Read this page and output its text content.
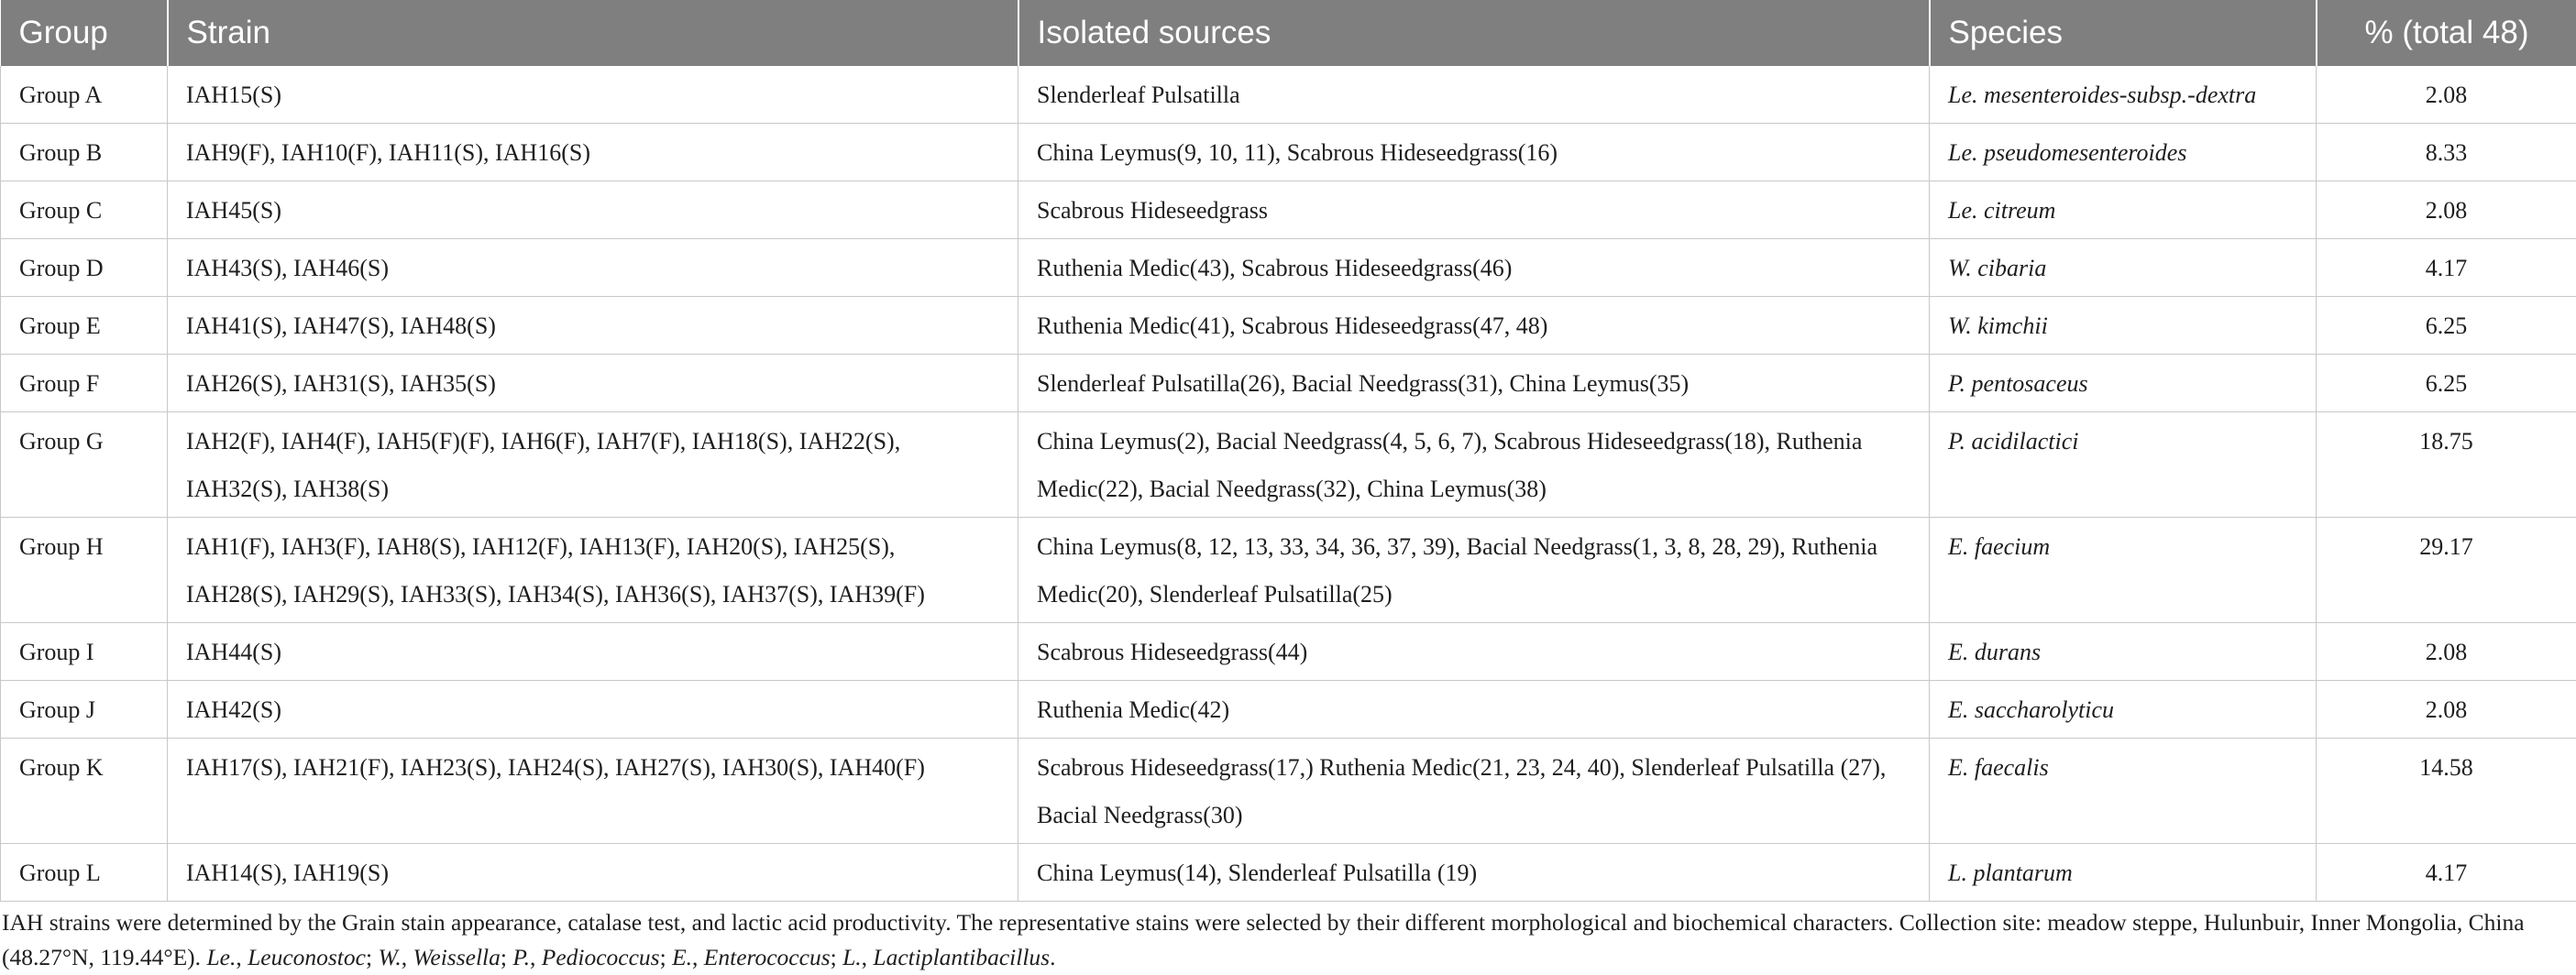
Group	Strain	Isolated sources	Species	% (total 48)
Group A	IAH15(S)	Slenderleaf Pulsatilla	Le. mesenteroides-subsp.-dextra	2.08
Group B	IAH9(F), IAH10(F), IAH11(S), IAH16(S)	China Leymus(9, 10, 11), Scabrous Hideseedgrass(16)	Le. pseudomesenteroides	8.33
Group C	IAH45(S)	Scabrous Hideseedgrass	Le. citreum	2.08
Group D	IAH43(S), IAH46(S)	Ruthenia Medic(43), Scabrous Hideseedgrass(46)	W. cibaria	4.17
Group E	IAH41(S), IAH47(S), IAH48(S)	Ruthenia Medic(41), Scabrous Hideseedgrass(47, 48)	W. kimchii	6.25
Group F	IAH26(S), IAH31(S), IAH35(S)	Slenderleaf Pulsatilla(26), Bacial Needgrass(31), China Leymus(35)	P. pentosaceus	6.25
Group G	IAH2(F), IAH4(F), IAH5(F)(F), IAH6(F), IAH7(F), IAH18(S), IAH22(S), IAH32(S), IAH38(S)	China Leymus(2), Bacial Needgrass(4, 5, 6, 7), Scabrous Hideseedgrass(18), Ruthenia Medic(22), Bacial Needgrass(32), China Leymus(38)	P. acidilactici	18.75
Group H	IAH1(F), IAH3(F), IAH8(S), IAH12(F), IAH13(F), IAH20(S), IAH25(S), IAH28(S), IAH29(S), IAH33(S), IAH34(S), IAH36(S), IAH37(S), IAH39(F)	China Leymus(8, 12, 13, 33, 34, 36, 37, 39), Bacial Needgrass(1, 3, 8, 28, 29), Ruthenia Medic(20), Slenderleaf Pulsatilla(25)	E. faecium	29.17
Group I	IAH44(S)	Scabrous Hideseedgrass(44)	E. durans	2.08
Group J	IAH42(S)	Ruthenia Medic(42)	E. saccharolyticu	2.08
Group K	IAH17(S), IAH21(F), IAH23(S), IAH24(S), IAH27(S), IAH30(S), IAH40(F)	Scabrous Hideseedgrass(17,) Ruthenia Medic(21, 23, 24, 40), Slenderleaf Pulsatilla (27), Bacial Needgrass(30)	E. faecalis	14.58
Group L	IAH14(S), IAH19(S)	China Leymus(14), Slenderleaf Pulsatilla (19)	L. plantarum	4.17
IAH strains were determined by the Grain stain appearance, catalase test, and lactic acid productivity. The representative stains were selected by their different morphological and biochemical characters. Collection site: meadow steppe, Hulunbuir, Inner Mongolia, China (48.27°N, 119.44°E). Le., Leuconostoc; W., Weissella; P., Pediococcus; E., Enterococcus; L., Lactiplantibacillus.
